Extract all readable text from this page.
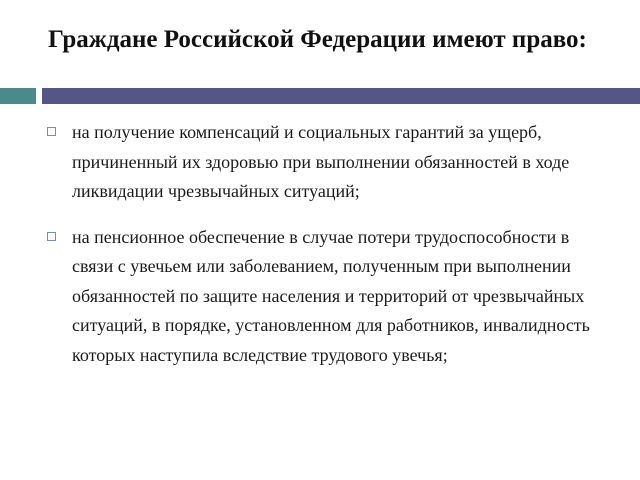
Граждане Российской Федерации имеют право:
на получение компенсаций и социальных гарантий за ущерб, причиненный их здоровью при выполнении обязанностей в ходе ликвидации чрезвычайных ситуаций;
на пенсионное обеспечение в случае потери трудоспособности в связи с увечьем или заболеванием, полученным при выполнении обязанностей по защите населения и территорий от чрезвычайных ситуаций, в порядке, установленном для работников, инвалидность которых наступила вследствие трудового увечья;
